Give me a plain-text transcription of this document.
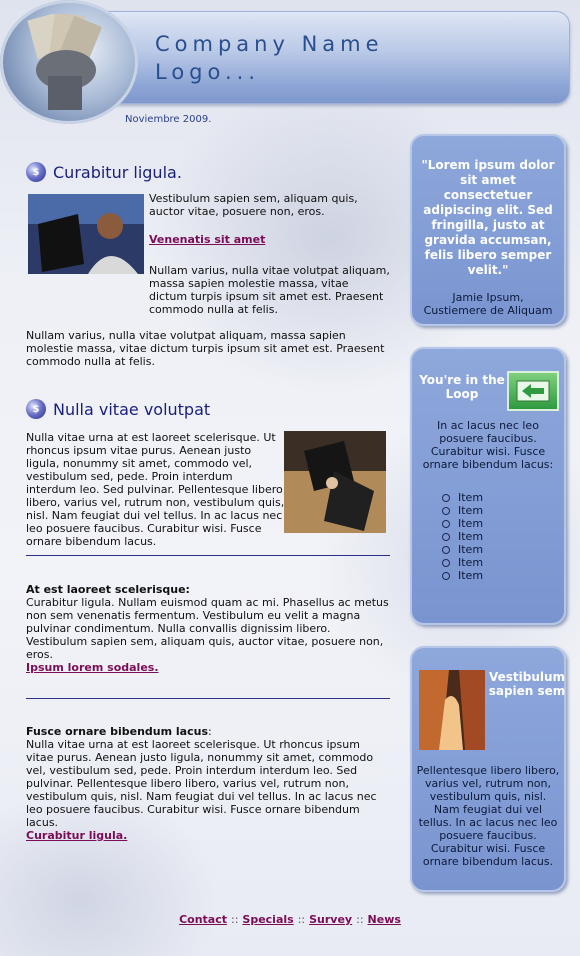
Company Name
Logo...
Noviembre 2009.
$ Curabitur ligula.

Vestibulum sapien sem, aliquam quis, auctor vitae, posuere non, eros.

Venenatis sit amet

Nullam varius, nulla vitae volutpat aliquam, massa sapien molestie massa, vitae dictum turpis ipsum sit amet est. Praesent commodo nulla at felis.

Nullam varius, nulla vitae volutpat aliquam, massa sapien molestie massa, vitae dictum turpis ipsum sit amet est. Praesent commodo nulla at felis.

$ Nulla vitae volutpat

Nulla vitae urna at est laoreet scelerisque. Ut rhoncus ipsum vitae purus. Aenean justo ligula, nonummy sit amet, commodo vel, vestibulum sed, pede. Proin interdum interdum leo. Sed pulvinar. Pellentesque libero libero, varius vel, rutrum non, vestibulum quis, nisl. Nam feugiat dui vel tellus. In ac lacus nec leo posuere faucibus. Curabitur wisi. Fusce ornare bibendum lacus.

At est laoreet scelerisque:

Curabitur ligula. Nullam euismod quam ac mi. Phasellus ac metus non sem venenatis fermentum. Vestibulum eu velit a magna pulvinar condimentum. Nulla convallis dignissim libero. Vestibulum sapien sem, aliquam quis, auctor vitae, posuere non, eros.

Ipsum lorem sodales.

Fusce ornare bibendum lacus:

Nulla vitae urna at est laoreet scelerisque. Ut rhoncus ipsum vitae purus. Aenean justo ligula, nonummy sit amet, commodo vel, vestibulum sed, pede. Proin interdum interdum leo. Sed pulvinar. Pellentesque libero libero, varius vel, rutrum non, vestibulum quis, nisl. Nam feugiat dui vel tellus. In ac lacus nec leo posuere faucibus. Curabitur wisi. Fusce ornare bibendum lacus.

Curabitur ligula.

"Lorem ipsum dolor sit amet consectetuer adipiscing elit. Sed fringilla, justo at gravida accumsan, felis libero semper velit."

Jamie Ipsum,

Custiemere de Aliquam

You're in the Loop

In ac lacus nec leo posuere faucibus. Curabitur wisi. Fusce ornare bibendum lacus:

Item
Item
Item
Item
Item
Item
Item

Vestibulum sapien sem

Pellentesque libero libero, varius vel, rutrum non, vestibulum quis, nisl. Nam feugiat dui vel tellus. In ac lacus nec leo posuere faucibus. Curabitur wisi. Fusce ornare bibendum lacus.

Contact :: Specials :: Survey :: News
